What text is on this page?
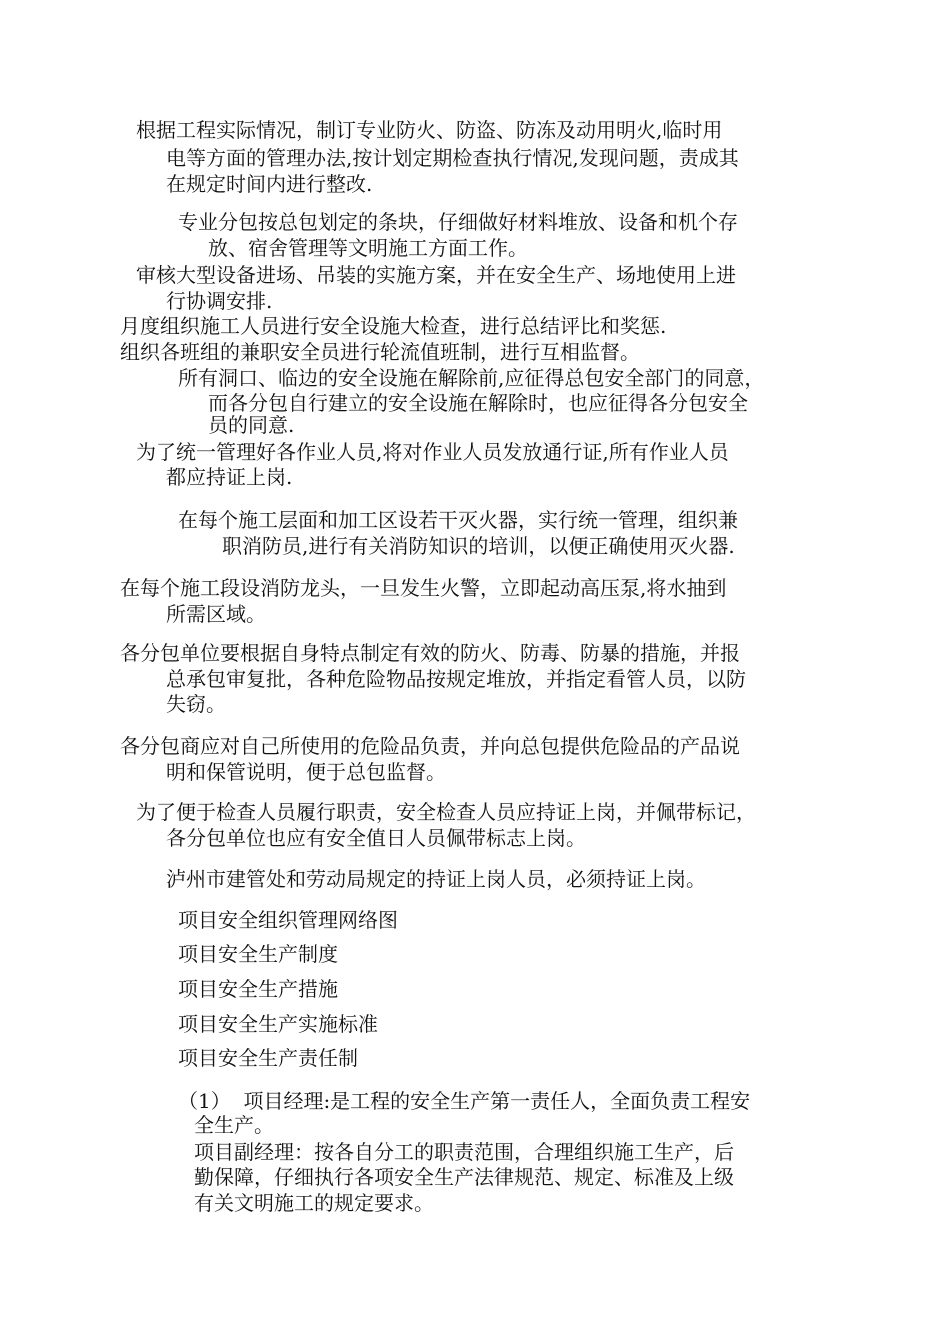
根据工程实际情况，制订专业防火、防盗、防冻及动用明火,临时用
电等方面的管理办法,按计划定期检查执行情况,发现问题，责成其
在规定时间内进行整改.
专业分包按总包划定的条块，仔细做好材料堆放、设备和机个存
放、宿舍管理等文明施工方面工作。
审核大型设备进场、吊装的实施方案，并在安全生产、场地使用上进
行协调安排.
月度组织施工人员进行安全设施大检查，进行总结评比和奖惩.
组织各班组的兼职安全员进行轮流值班制，进行互相监督。
所有洞口、临边的安全设施在解除前,应征得总包安全部门的同意，
而各分包自行建立的安全设施在解除时，也应征得各分包安全
员的同意.
为了统一管理好各作业人员,将对作业人员发放通行证,所有作业人员
都应持证上岗.
在每个施工层面和加工区设若干灭火器，实行统一管理，组织兼
职消防员,进行有关消防知识的培训，以便正确使用灭火器.
在每个施工段设消防龙头，一旦发生火警，立即起动高压泵,将水抽到
所需区域。
各分包单位要根据自身特点制定有效的防火、防毒、防暴的措施，并报
总承包审复批，各种危险物品按规定堆放，并指定看管人员，以防
失窃。
各分包商应对自己所使用的危险品负责，并向总包提供危险品的产品说
明和保管说明，便于总包监督。
为了便于检查人员履行职责，安全检查人员应持证上岗，并佩带标记，
各分包单位也应有安全值日人员佩带标志上岗。
泸州市建管处和劳动局规定的持证上岗人员，必须持证上岗。
项目安全组织管理网络图
项目安全生产制度
项目安全生产措施
项目安全生产实施标准
项目安全生产责任制
（1）  项目经理:是工程的安全生产第一责任人，全面负责工程安
全生产。
项目副经理：按各自分工的职责范围，合理组织施工生产，后
勤保障，仔细执行各项安全生产法律规范、规定、标准及上级
有关文明施工的规定要求。
